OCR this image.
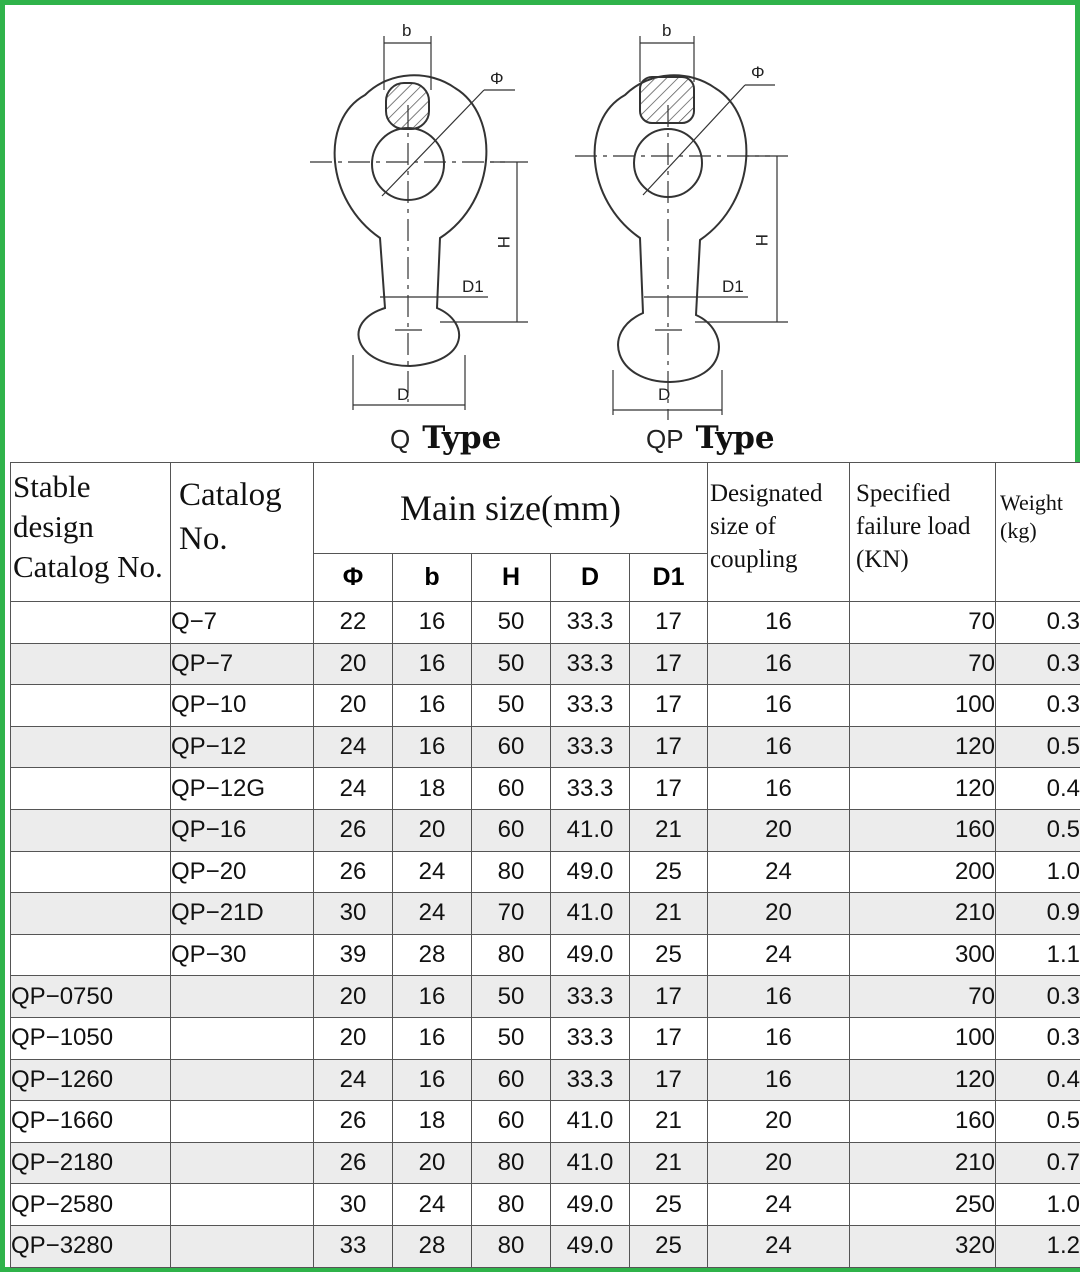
b
Φ
H
D1
D
b
Φ
H
D1
D
Q Type	QP Type
Stable
design
Catalog No.	Catalog
No.	Main size(mm)					Designated
size of
coupling	Specified
failure load
(KN)	Weight
(kg)
		Φ	b	H	D	D1			
	Q−7	22	16	50	33.3	17	16	70	0.3
	QP−7	20	16	50	33.3	17	16	70	0.3
	QP−10	20	16	50	33.3	17	16	100	0.3
	QP−12	24	16	60	33.3	17	16	120	0.5
	QP−12G	24	18	60	33.3	17	16	120	0.4
	QP−16	26	20	60	41.0	21	20	160	0.5
	QP−20	26	24	80	49.0	25	24	200	1.0
	QP−21D	30	24	70	41.0	21	20	210	0.9
	QP−30	39	28	80	49.0	25	24	300	1.1
QP−0750		20	16	50	33.3	17	16	70	0.3
QP−1050		20	16	50	33.3	17	16	100	0.3
QP−1260		24	16	60	33.3	17	16	120	0.4
QP−1660		26	18	60	41.0	21	20	160	0.5
QP−2180		26	20	80	41.0	21	20	210	0.7
QP−2580		30	24	80	49.0	25	24	250	1.0
QP−3280		33	28	80	49.0	25	24	320	1.2
